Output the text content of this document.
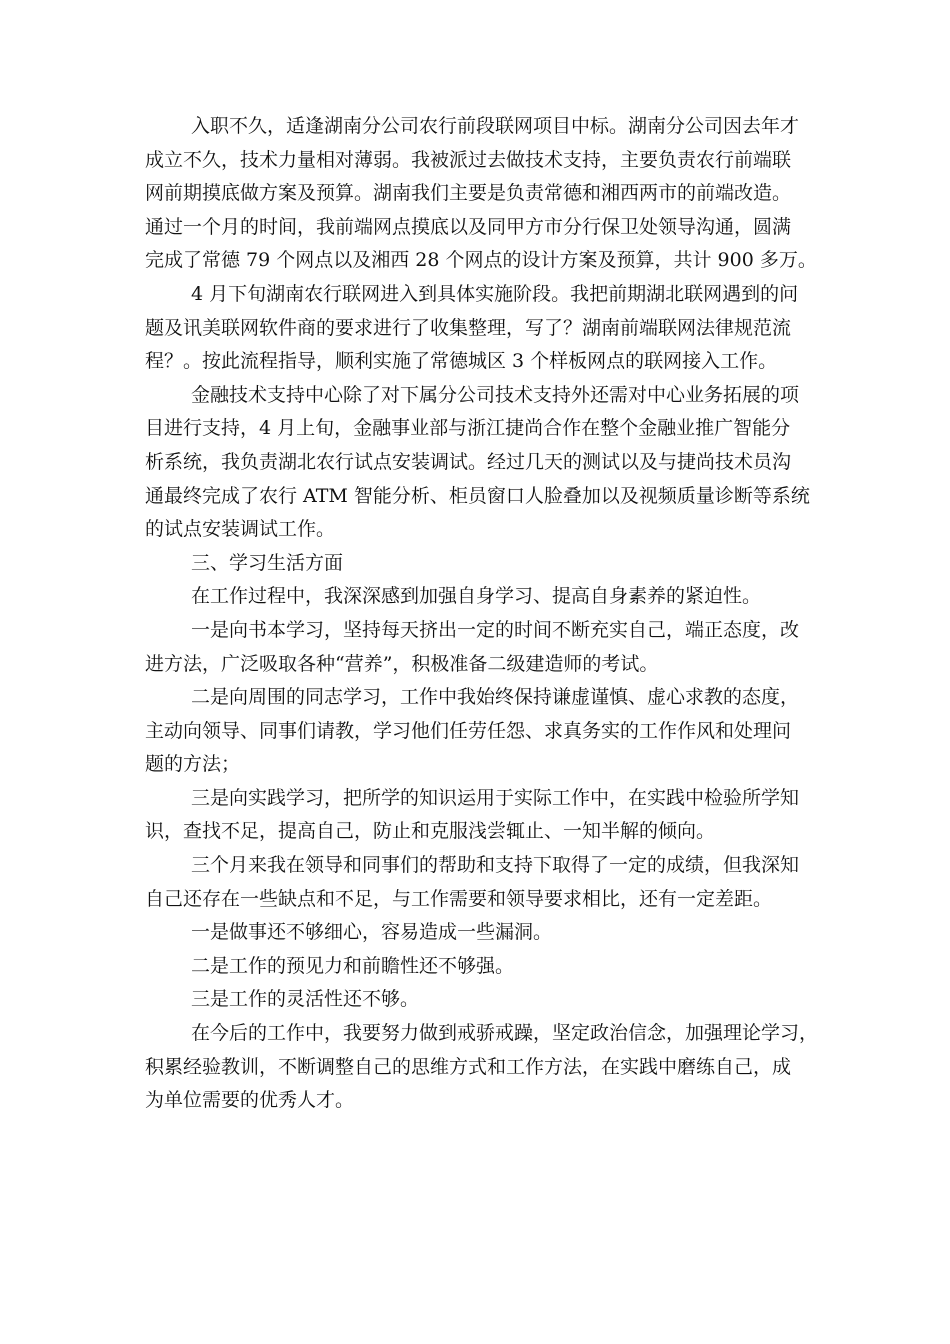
入职不久，适逢湖南分公司农行前段联网项目中标。湖南分公司因去年才
成立不久，技术力量相对薄弱。我被派过去做技术支持，主要负责农行前端联
网前期摸底做方案及预算。湖南我们主要是负责常德和湘西两市的前端改造。
通过一个月的时间，我前端网点摸底以及同甲方市分行保卫处领导沟通，圆满
完成了常德 79 个网点以及湘西 28 个网点的设计方案及预算，共计 900 多万。
4 月下旬湖南农行联网进入到具体实施阶段。我把前期湖北联网遇到的问
题及讯美联网软件商的要求进行了收集整理，写了？湖南前端联网法律规范流
程？。按此流程指导，顺利实施了常德城区 3 个样板网点的联网接入工作。
金融技术支持中心除了对下属分公司技术支持外还需对中心业务拓展的项
目进行支持，4 月上旬，金融事业部与浙江捷尚合作在整个金融业推广智能分
析系统，我负责湖北农行试点安装调试。经过几天的测试以及与捷尚技术员沟
通最终完成了农行 ATM 智能分析、柜员窗口人脸叠加以及视频质量诊断等系统
的试点安装调试工作。
三、学习生活方面
在工作过程中，我深深感到加强自身学习、提高自身素养的紧迫性。
一是向书本学习，坚持每天挤出一定的时间不断充实自己，端正态度，改
进方法，广泛吸取各种“营养”，积极准备二级建造师的考试。
二是向周围的同志学习，工作中我始终保持谦虚谨慎、虚心求教的态度，
主动向领导、同事们请教，学习他们任劳任怨、求真务实的工作作风和处理问
题的方法；
三是向实践学习，把所学的知识运用于实际工作中，在实践中检验所学知
识，查找不足，提高自己，防止和克服浅尝辄止、一知半解的倾向。
三个月来我在领导和同事们的帮助和支持下取得了一定的成绩，但我深知
自己还存在一些缺点和不足，与工作需要和领导要求相比，还有一定差距。
一是做事还不够细心，容易造成一些漏洞。
二是工作的预见力和前瞻性还不够强。
三是工作的灵活性还不够。
在今后的工作中，我要努力做到戒骄戒躁，坚定政治信念，加强理论学习，
积累经验教训，不断调整自己的思维方式和工作方法，在实践中磨练自己，成
为单位需要的优秀人才。
